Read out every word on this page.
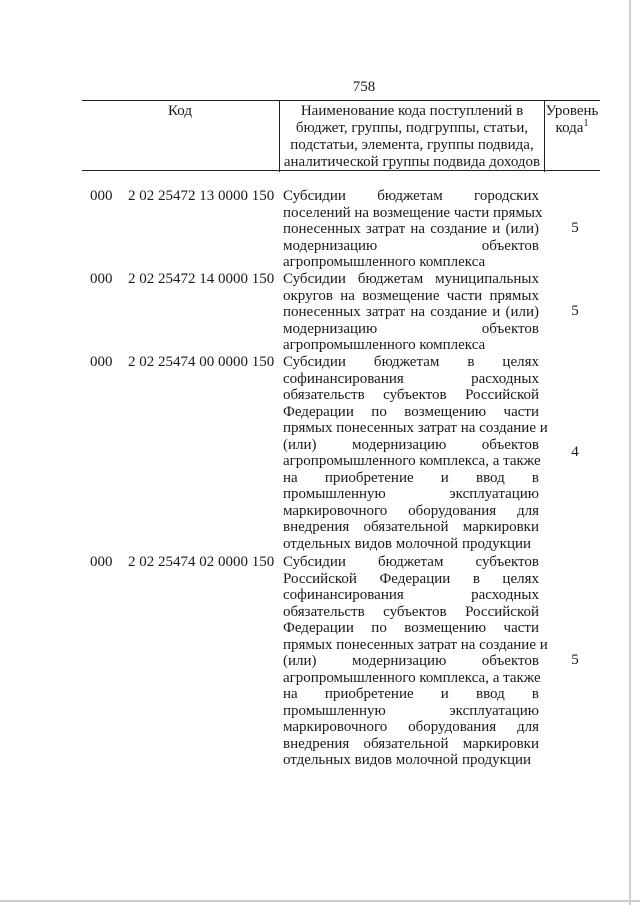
758
Код	Наименование кода поступлений в
бюджет, группы, подгруппы, статьи,
подстатьи, элемента, группы подвида,
аналитической группы подвида доходов
Уровень
кода$^1$
000 2 02 25472 13 0000 150 Субсидии бюджетам городских
поселений на возмещение части прямых
понесенных затрат на создание и (или)
модернизацию объектов
агропромышленного комплекса
5
000 2 02 25472 14 0000 150 Субсидии бюджетам муниципальных
округов на возмещение части прямых
понесенных затрат на создание и (или)
модернизацию объектов
агропромышленного комплекса
5
000 2 02 25474 00 0000 150 Субсидии бюджетам в целях
софинансирования расходных
обязательств субъектов Российской
Федерации по возмещению части
прямых понесенных затрат на создание и
(или) модернизацию объектов
агропромышленного комплекса, а также
на приобретение и ввод в
промышленную эксплуатацию
маркировочного оборудования для
внедрения обязательной маркировки
отдельных видов молочной продукции
4
000 2 02 25474 02 0000 150 Субсидии бюджетам субъектов
Российской Федерации в целях
софинансирования расходных
обязательств субъектов Российской
Федерации по возмещению части
прямых понесенных затрат на создание и
(или) модернизацию объектов
агропромышленного комплекса, а также
на приобретение и ввод в
промышленную эксплуатацию
маркировочного оборудования для
внедрения обязательной маркировки
отдельных видов молочной продукции
5
